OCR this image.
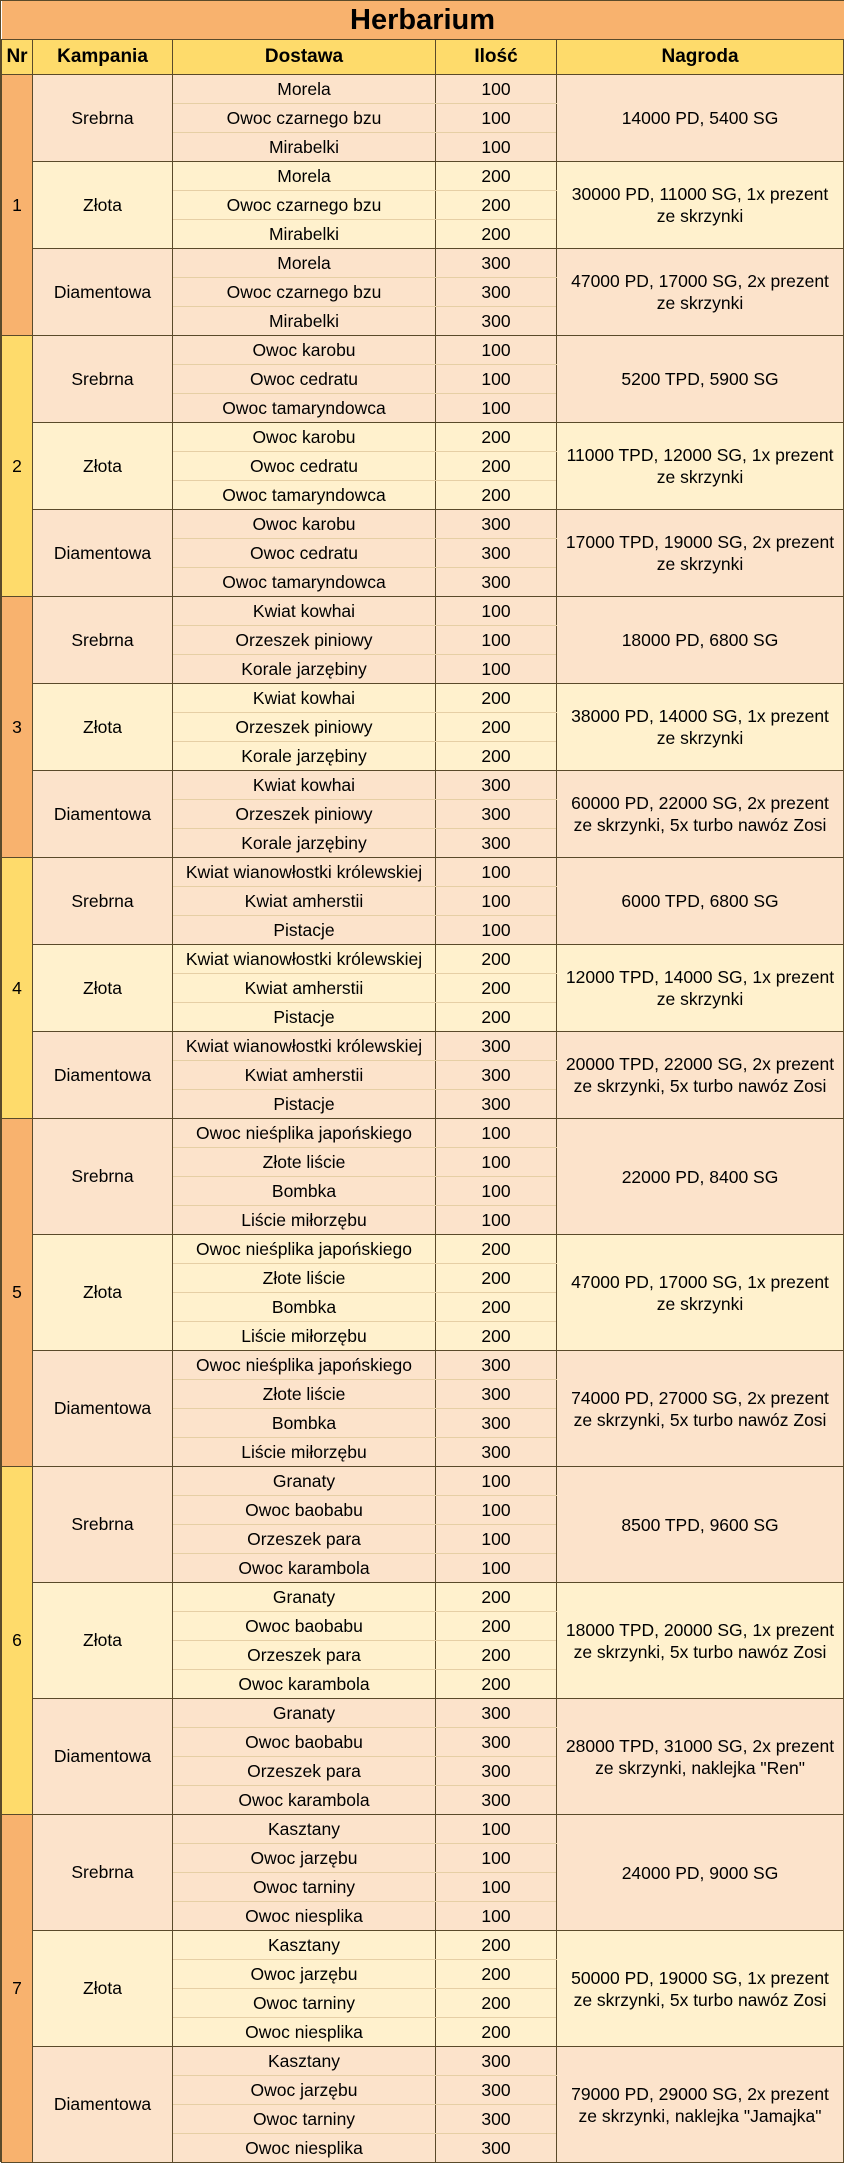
Herbarium				
Nr	Kampania	Dostawa	Ilość	Nagroda
1	Srebrna	Morela	100	14000 PD, 5400 SG
		Owoc czarnego bzu	100	
		Mirabelki	100	
	Złota	Morela	200	30000 PD, 11000 SG, 1x prezent ze skrzynki
		Owoc czarnego bzu	200	
		Mirabelki	200	
	Diamentowa	Morela	300	47000 PD, 17000 SG, 2x prezent ze skrzynki
		Owoc czarnego bzu	300	
		Mirabelki	300	
2	Srebrna	Owoc karobu	100	5200 TPD, 5900 SG
		Owoc cedratu	100	
		Owoc tamaryndowca	100	
	Złota	Owoc karobu	200	11000 TPD, 12000 SG, 1x prezent ze skrzynki
		Owoc cedratu	200	
		Owoc tamaryndowca	200	
	Diamentowa	Owoc karobu	300	17000 TPD, 19000 SG, 2x prezent ze skrzynki
		Owoc cedratu	300	
		Owoc tamaryndowca	300	
3	Srebrna	Kwiat kowhai	100	18000 PD, 6800 SG
		Orzeszek piniowy	100	
		Korale jarzębiny	100	
	Złota	Kwiat kowhai	200	38000 PD, 14000 SG, 1x prezent ze skrzynki
		Orzeszek piniowy	200	
		Korale jarzębiny	200	
	Diamentowa	Kwiat kowhai	300	60000 PD, 22000 SG, 2x prezent ze skrzynki, 5x turbo nawóz Zosi
		Orzeszek piniowy	300	
		Korale jarzębiny	300	
4	Srebrna	Kwiat wianowłostki królewskiej	100	6000 TPD, 6800 SG
		Kwiat amherstii	100	
		Pistacje	100	
	Złota	Kwiat wianowłostki królewskiej	200	12000 TPD, 14000 SG, 1x prezent ze skrzynki
		Kwiat amherstii	200	
		Pistacje	200	
	Diamentowa	Kwiat wianowłostki królewskiej	300	20000 TPD, 22000 SG, 2x prezent ze skrzynki, 5x turbo nawóz Zosi
		Kwiat amherstii	300	
		Pistacje	300	
5	Srebrna	Owoc nieśplika japońskiego	100	22000 PD, 8400 SG
		Złote liście	100	
		Bombka	100	
		Liście miłorzębu	100	
	Złota	Owoc nieśplika japońskiego	200	47000 PD, 17000 SG, 1x prezent ze skrzynki
		Złote liście	200	
		Bombka	200	
		Liście miłorzębu	200	
	Diamentowa	Owoc nieśplika japońskiego	300	74000 PD, 27000 SG, 2x prezent ze skrzynki, 5x turbo nawóz Zosi
		Złote liście	300	
		Bombka	300	
		Liście miłorzębu	300	
6	Srebrna	Granaty	100	8500 TPD, 9600 SG
		Owoc baobabu	100	
		Orzeszek para	100	
		Owoc karambola	100	
	Złota	Granaty	200	18000 TPD, 20000 SG, 1x prezent ze skrzynki, 5x turbo nawóz Zosi
		Owoc baobabu	200	
		Orzeszek para	200	
		Owoc karambola	200	
	Diamentowa	Granaty	300	28000 TPD, 31000 SG, 2x prezent ze skrzynki, naklejka "Ren"
		Owoc baobabu	300	
		Orzeszek para	300	
		Owoc karambola	300	
7	Srebrna	Kasztany	100	24000 PD, 9000 SG
		Owoc jarzębu	100	
		Owoc tarniny	100	
		Owoc niesplika	100	
	Złota	Kasztany	200	50000 PD, 19000 SG, 1x prezent ze skrzynki, 5x turbo nawóz Zosi
		Owoc jarzębu	200	
		Owoc tarniny	200	
		Owoc niesplika	200	
	Diamentowa	Kasztany	300	79000 PD, 29000 SG, 2x prezent ze skrzynki, naklejka "Jamajka"
		Owoc jarzębu	300	
		Owoc tarniny	300	
		Owoc niesplika	300	
